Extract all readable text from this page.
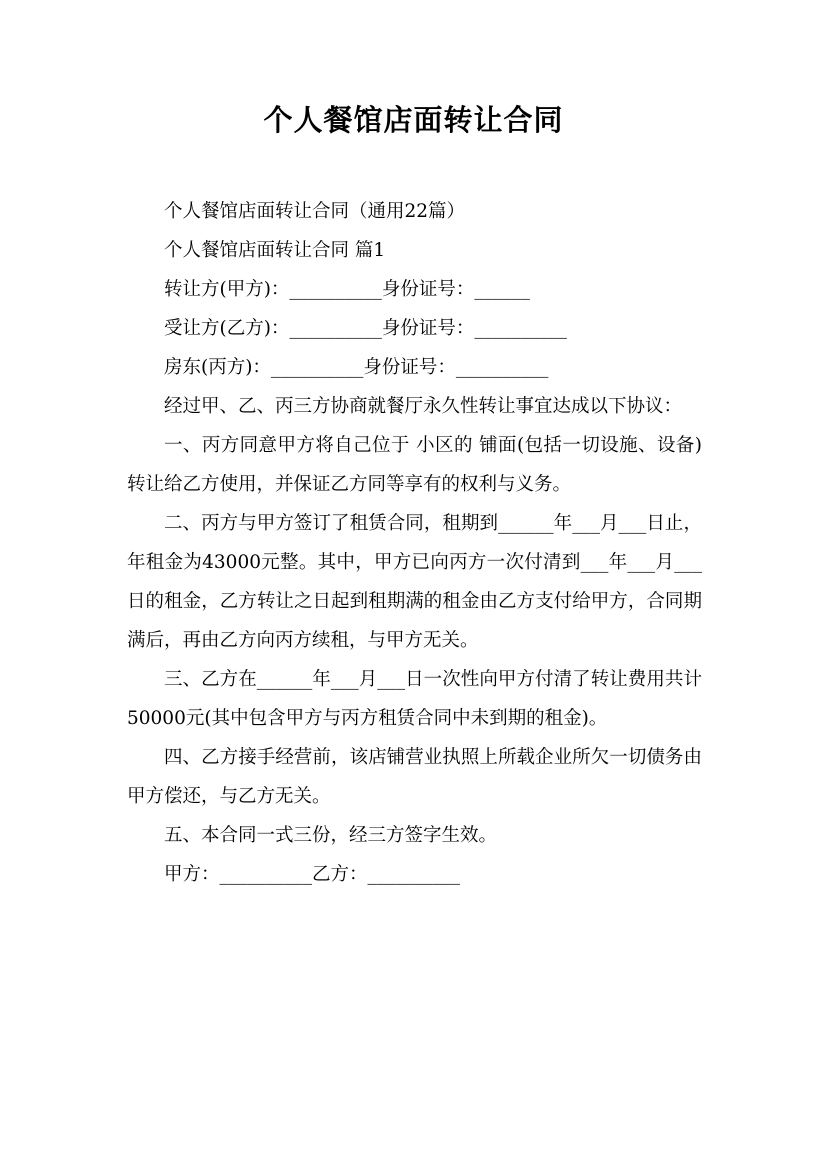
个人餐馆店面转让合同

个人餐馆店面转让合同（通用22篇）

个人餐馆店面转让合同 篇1

转让方(甲方)：__________身份证号：______

受让方(乙方)：__________身份证号：__________

房东(丙方)：__________身份证号：__________

经过甲、乙、丙三方协商就餐厅永久性转让事宜达成以下协议：

一、丙方同意甲方将自己位于 小区的 铺面(包括一切设施、设备)转让给乙方使用，并保证乙方同等享有的权利与义务。

二、丙方与甲方签订了租赁合同，租期到______年___月___日止，年租金为43000元整。其中，甲方已向丙方一次付清到___年___月___日的租金，乙方转让之日起到租期满的租金由乙方支付给甲方，合同期满后，再由乙方向丙方续租，与甲方无关。

三、乙方在______年___月___日一次性向甲方付清了转让费用共计50000元(其中包含甲方与丙方租赁合同中未到期的租金)。

四、乙方接手经营前，该店铺营业执照上所载企业所欠一切债务由甲方偿还，与乙方无关。

五、本合同一式三份，经三方签字生效。

甲方：__________乙方：__________
